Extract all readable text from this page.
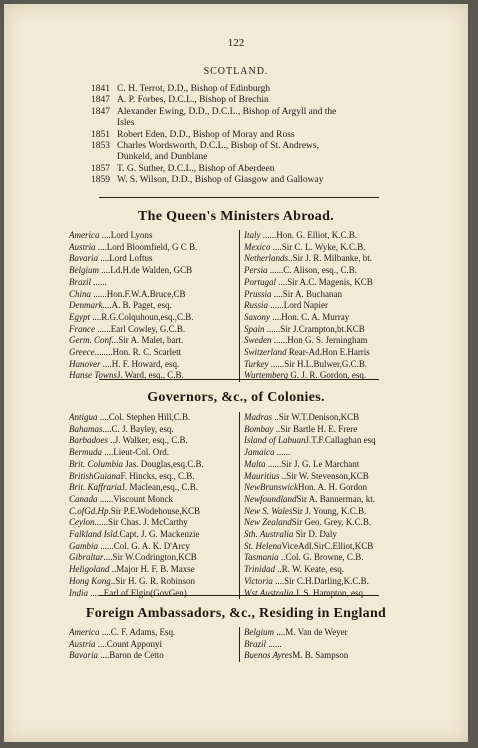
122
SCOTLAND.
1841 C. H. Terrot, D.D., Bishop of Edinburgh
1847 A. P. Forbes, D.C.L., Bishop of Brechin
1847 Alexander Ewing, D.D., D.C.L., Bishop of Argyll and the
Isles
1851 Robert Eden, D.D., Bishop of Moray and Ross
1853 Charles Wordsworth, D.C.L., Bishop of St. Andrews,
Dunkeld, and Dunblane
1857 T. G. Suther, D.C.L., Bishop of Aberdeen
1859 W. S. Wilson, D.D., Bishop of Glasgow and Galloway
The Queen's Ministers Abroad.
America ....Lord Lyons
Austria ....Lord Bloomfield, G C B.
Bavaria ....Lord Loftus
Belgium ....Ld.H.de Walden, GCB
Brazil ......
China ......Hon.F.W.A.Bruce,CB
Denmark....A. B. Paget, esq.
Egypt ....R.G.Colquhoun,esq.,C.B.
France ......Earl Cowley, G.C.B.
Germ. Conf...Sir A. Malet, bart.
Greece........Hon. R. C. Scarlett
Hanover ....H. F. Howard, esq.
Hanse TownsJ. Ward, esq., C.B.
Italy ......Hon. G. Elliot, K.C.B.
Mexico ....Sir C. L. Wyke, K.C.B.
Netherlands..Sir J. R. Milbanke, bt.
Persia ......C. Alison, esq., C.B.
Portugal ....Sir A.C. Magenis, KCB
Prussia ....Sir A. Buchanan
Russia ......Lord Napier
Saxony ....Hon. C. A. Murray
Spain ......Sir J.Crampton,bt.KCB
Sweden ......Hon G. S. Jerningham
Switzerland Rear-Ad.Hon E.Harris
Turkey ......Sir H.L.Bulwer,G.C.B.
Wurtemberg G. J. R. Gordon, esq.
Governors, &c., of Colonies.
Antigua ....Col. Stephen Hill,C.B.
Bahamas....C. J. Bayley, esq.
Barbadoes ..J. Walker, esq., C.B.
Bermuda ....Lieut-Col. Ord.
Brit. Columbia Jas. Douglas,esq.C.B.
BritishGuianaF. Hincks, esq., C.B.
Brit. KaffrariaJ. Maclean,esq., C.B.
Canada ......Viscount Monck
C.ofGd.Hp.Sir P.E.Wodehouse,KCB
Ceylon......Sir Chas. J. McCarthy
Falkland Isld.Capt. J. G. Mackenzie
Gambia ......Col. G. A. K. D'Arcy
Gibraltar....Sir W.Codrington,KCB
Heligoland ..Major H. F. B. Maxse
Hong Kong..Sir H. G. R. Robinson
India ......Earl of Elgin(GovGen)
Madras ..Sir W.T.Denison,KCB
Bombay ..Sir Bartle H. E. Frere
Island of LabuanJ.T.F.Callaghan esq
Jamaica ......
Malta ......Sir J. G. Le Marchant
Mauritius ..Sir W. Stevenson,KCB
NewBrunswickHon. A. H. Gordon
NewfoundlandSir A. Bannerman, kt.
New S. WalesSir J. Young, K.C.B.
New ZealandSir Geo. Grey, K.C.B.
Sth. Australia Sir D. Daly
St. HelenaViceAdl.SirC.Elliot,KCB
Tasmania ..Col. G. Browne, C.B.
Trinidad ..R. W. Keate, esq.
Victoria ....Sir C.H.Darling,K.C.B.
Wst.Australia J. S. Hampton, esq.
Foreign Ambassadors, &c., Residing in England
America ....C. F. Adams, Esq.
Austria ....Count Apponyi
Bavaria ....Baron de Cetto
Belgium ....M. Van de Weyer
Brazil ......
Buenos AyresM. B. Sampson
